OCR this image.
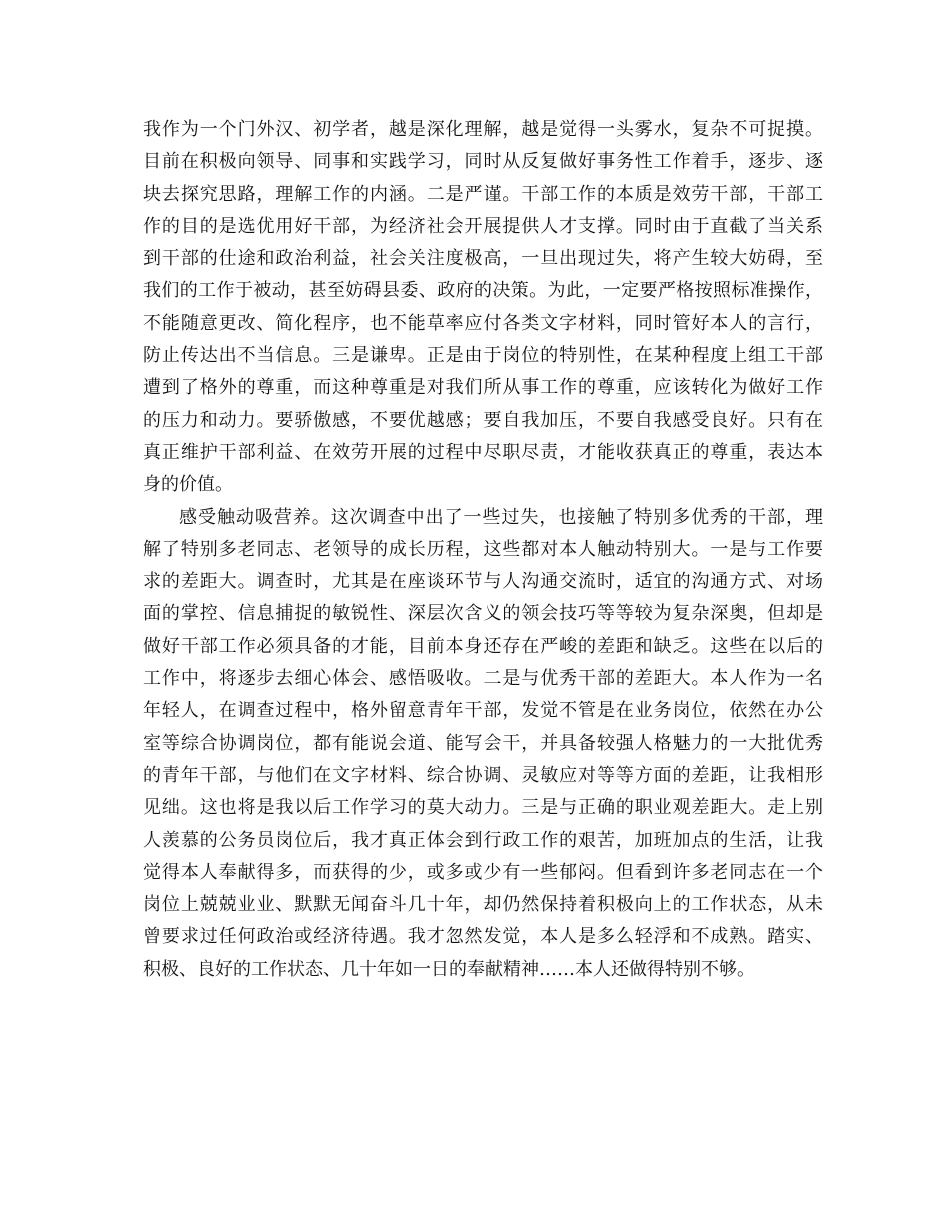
我作为一个门外汉、初学者，越是深化理解，越是觉得一头雾水，复杂不可捉摸。
目前在积极向领导、同事和实践学习，同时从反复做好事务性工作着手，逐步、逐
块去探究思路，理解工作的内涵。二是严谨。干部工作的本质是效劳干部，干部工
作的目的是选优用好干部，为经济社会开展提供人才支撑。同时由于直截了当关系
到干部的仕途和政治利益，社会关注度极高，一旦出现过失，将产生较大妨碍，至
我们的工作于被动，甚至妨碍县委、政府的决策。为此，一定要严格按照标准操作，
不能随意更改、简化程序，也不能草率应付各类文字材料，同时管好本人的言行，
防止传达出不当信息。三是谦卑。正是由于岗位的特别性，在某种程度上组工干部
遭到了格外的尊重，而这种尊重是对我们所从事工作的尊重，应该转化为做好工作
的压力和动力。要骄傲感，不要优越感；要自我加压，不要自我感受良好。只有在
真正维护干部利益、在效劳开展的过程中尽职尽责，才能收获真正的尊重，表达本
身的价值。
感受触动吸营养。这次调查中出了一些过失，也接触了特别多优秀的干部，理
解了特别多老同志、老领导的成长历程，这些都对本人触动特别大。一是与工作要
求的差距大。调查时，尤其是在座谈环节与人沟通交流时，适宜的沟通方式、对场
面的掌控、信息捕捉的敏锐性、深层次含义的领会技巧等等较为复杂深奥，但却是
做好干部工作必须具备的才能，目前本身还存在严峻的差距和缺乏。这些在以后的
工作中，将逐步去细心体会、感悟吸收。二是与优秀干部的差距大。本人作为一名
年轻人，在调查过程中，格外留意青年干部，发觉不管是在业务岗位，依然在办公
室等综合协调岗位，都有能说会道、能写会干，并具备较强人格魅力的一大批优秀
的青年干部，与他们在文字材料、综合协调、灵敏应对等等方面的差距，让我相形
见绌。这也将是我以后工作学习的莫大动力。三是与正确的职业观差距大。走上别
人羡慕的公务员岗位后，我才真正体会到行政工作的艰苦，加班加点的生活，让我
觉得本人奉献得多，而获得的少，或多或少有一些郁闷。但看到许多老同志在一个
岗位上兢兢业业、默默无闻奋斗几十年，却仍然保持着积极向上的工作状态，从未
曾要求过任何政治或经济待遇。我才忽然发觉，本人是多么轻浮和不成熟。踏实、
积极、良好的工作状态、几十年如一日的奉献精神……本人还做得特别不够。
